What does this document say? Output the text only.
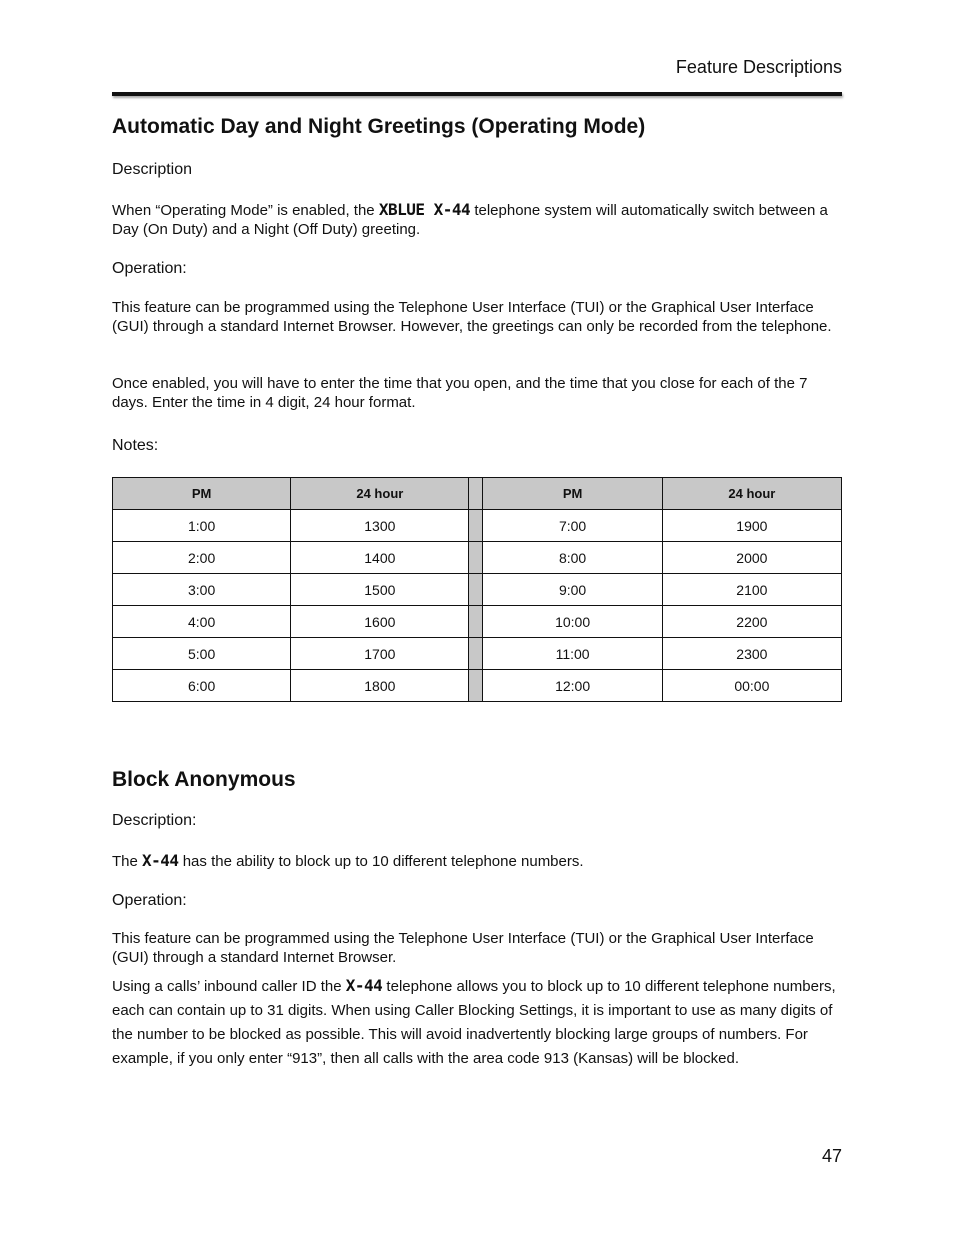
Feature Descriptions
Automatic Day and Night Greetings (Operating Mode)
Description
When “Operating Mode” is enabled, the XBLUE X-44 telephone system will automatically switch between a Day (On Duty) and a Night (Off Duty) greeting.
Operation:
This feature can be programmed using the Telephone User Interface (TUI) or the Graphical User Interface (GUI) through a standard Internet Browser. However, the greetings can only be recorded from the telephone.
Once enabled, you will have to enter the time that you open, and the time that you close for each of the 7 days. Enter the time in 4 digit, 24 hour format.
Notes:
PM	24 hour		PM	24 hour
1:00	1300		7:00	1900
2:00	1400		8:00	2000
3:00	1500		9:00	2100
4:00	1600		10:00	2200
5:00	1700		11:00	2300
6:00	1800		12:00	00:00
Block Anonymous
Description:
The X-44 has the ability to block up to 10 different telephone numbers.
Operation:
This feature can be programmed using the Telephone User Interface (TUI) or the Graphical User Interface (GUI) through a standard Internet Browser.
Using a calls’ inbound caller ID the X-44 telephone allows you to block up to 10 different telephone numbers, each can contain up to 31 digits. When using Caller Blocking Settings, it is important to use as many digits of the number to be blocked as possible. This will avoid inadvertently blocking large groups of numbers. For example, if you only enter “913”, then all calls with the area code 913 (Kansas) will be blocked.
47
